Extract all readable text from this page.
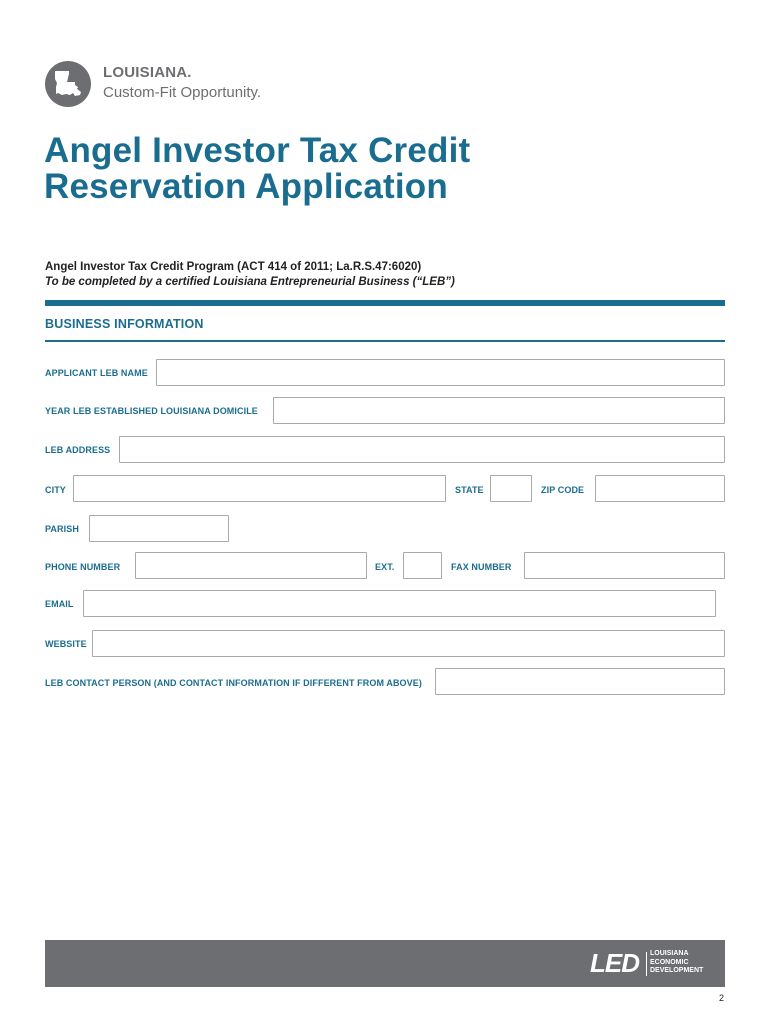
LOUISIANA.
Custom-Fit Opportunity.
Angel Investor Tax Credit
Reservation Application
Angel Investor Tax Credit Program (ACT 414 of 2011; La.R.S.47:6020)
To be completed by a certified Louisiana Entrepreneurial Business (“LEB”)
BUSINESS INFORMATION
APPLICANT LEB NAME
YEAR LEB ESTABLISHED LOUISIANA DOMICILE
LEB ADDRESS
CITY	STATE	ZIP CODE
PARISH
PHONE NUMBER	EXT.	FAX NUMBER
EMAIL
WEBSITE
LEB CONTACT PERSON (AND CONTACT INFORMATION IF DIFFERENT FROM ABOVE)
LED LOUISIANA
ECONOMIC
DEVELOPMENT
2
